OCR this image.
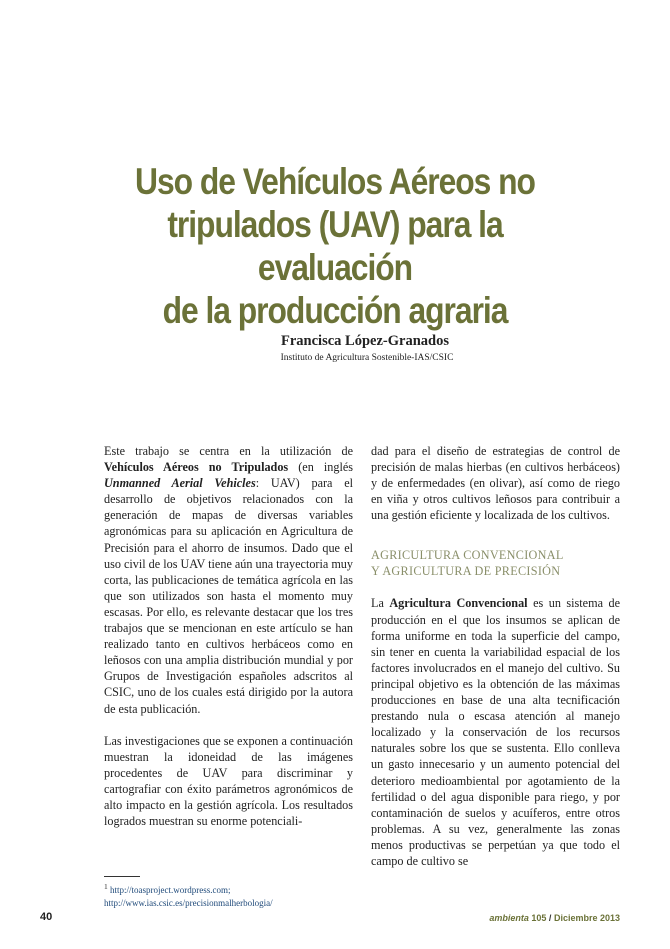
Uso de Vehículos Aéreos no
tripulados (UAV) para la evaluación
de la producción agraria
Francisca López-Granados
Instituto de Agricultura Sostenible-IAS/CSIC

Este trabajo se centra en la utilización de Vehículos Aéreos no Tripulados (en inglés Unmanned Aerial Vehicles: UAV) para el desarrollo de objetivos relacionados con la generación de mapas de diversas variables agronómicas para su aplicación en Agricultura de Precisión para el ahorro de insumos. Dado que el uso civil de los UAV tiene aún una trayectoria muy corta, las publicaciones de temática agrícola en las que son utilizados son hasta el momento muy escasas. Por ello, es relevante destacar que los tres trabajos que se mencionan en este artículo se han realizado tanto en cultivos herbáceos como en leñosos con una amplia distribución mundial y por Grupos de Investigación españoles adscritos al CSIC, uno de los cuales está dirigido por la autora de esta publicación.

Las investigaciones que se exponen a continuación muestran la idoneidad de las imágenes procedentes de UAV para discriminar y cartografiar con éxito parámetros agronómicos de alto impacto en la gestión agrícola. Los resultados logrados muestran su enorme potenciali-

dad para el diseño de estrategias de control de precisión de malas hierbas (en cultivos herbáceos) y de enfermedades (en olivar), así como de riego en viña y otros cultivos leñosos para contribuir a una gestión eficiente y localizada de los cultivos.

AGRICULTURA CONVENCIONAL
Y AGRICULTURA DE PRECISIÓN

La Agricultura Convencional es un sistema de producción en el que los insumos se aplican de forma uniforme en toda la superficie del campo, sin tener en cuenta la variabilidad espacial de los factores involucrados en el manejo del cultivo. Su principal objetivo es la obtención de las máximas producciones en base de una alta tecnificación prestando nula o escasa atención al manejo localizado y la conservación de los recursos naturales sobre los que se sustenta. Ello conlleva un gasto innecesario y un aumento potencial del deterioro medioambiental por agotamiento de la fertilidad o del agua disponible para riego, y por contaminación de suelos y acuíferos, entre otros problemas. A su vez, generalmente las zonas menos productivas se perpetúan ya que todo el campo de cultivo se

$^1$ http://toasproject.wordpress.com; http://www.ias.csic.es/precisionmalherbologia/
40	ambienta 105 / Diciembre 2013
